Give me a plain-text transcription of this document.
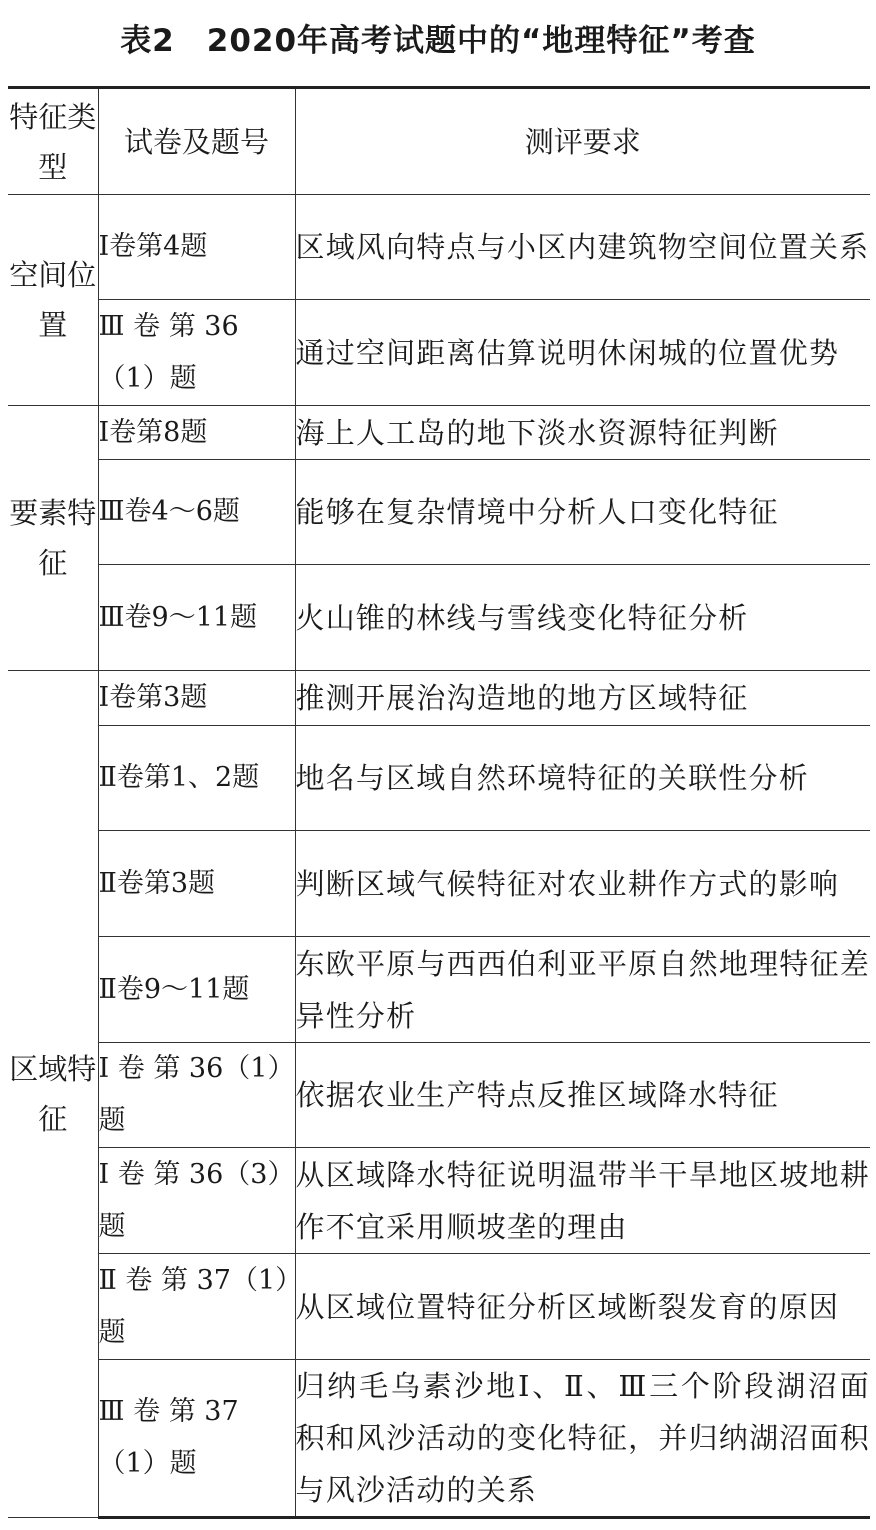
表2　2020年高考试题中的“地理特征”考查
特征类型	试卷及题号	测评要求
空间位置	Ⅰ卷第4题	区域风向特点与小区内建筑物空间位置关系
	Ⅲ 卷 第 36（1）题	通过空间距离估算说明休闲城的位置优势
要素特征	Ⅰ卷第8题	海上人工岛的地下淡水资源特征判断
	Ⅲ卷4～6题	能够在复杂情境中分析人口变化特征
	Ⅲ卷9～11题	火山锥的林线与雪线变化特征分析
区域特征	Ⅰ卷第3题	推测开展治沟造地的地方区域特征
	Ⅱ卷第1、2题	地名与区域自然环境特征的关联性分析
	Ⅱ卷第3题	判断区域气候特征对农业耕作方式的影响
	Ⅱ卷9～11题	东欧平原与西西伯利亚平原自然地理特征差异性分析
	Ⅰ 卷 第 36（1）题	依据农业生产特点反推区域降水特征
	Ⅰ 卷 第 36（3）题	从区域降水特征说明温带半干旱地区坡地耕作不宜采用顺坡垄的理由
	Ⅱ 卷 第 37（1）题	从区域位置特征分析区域断裂发育的原因
	Ⅲ 卷 第 37（1）题	归纳毛乌素沙地Ⅰ、Ⅱ、Ⅲ三个阶段湖沼面积和风沙活动的变化特征，并归纳湖沼面积与风沙活动的关系
